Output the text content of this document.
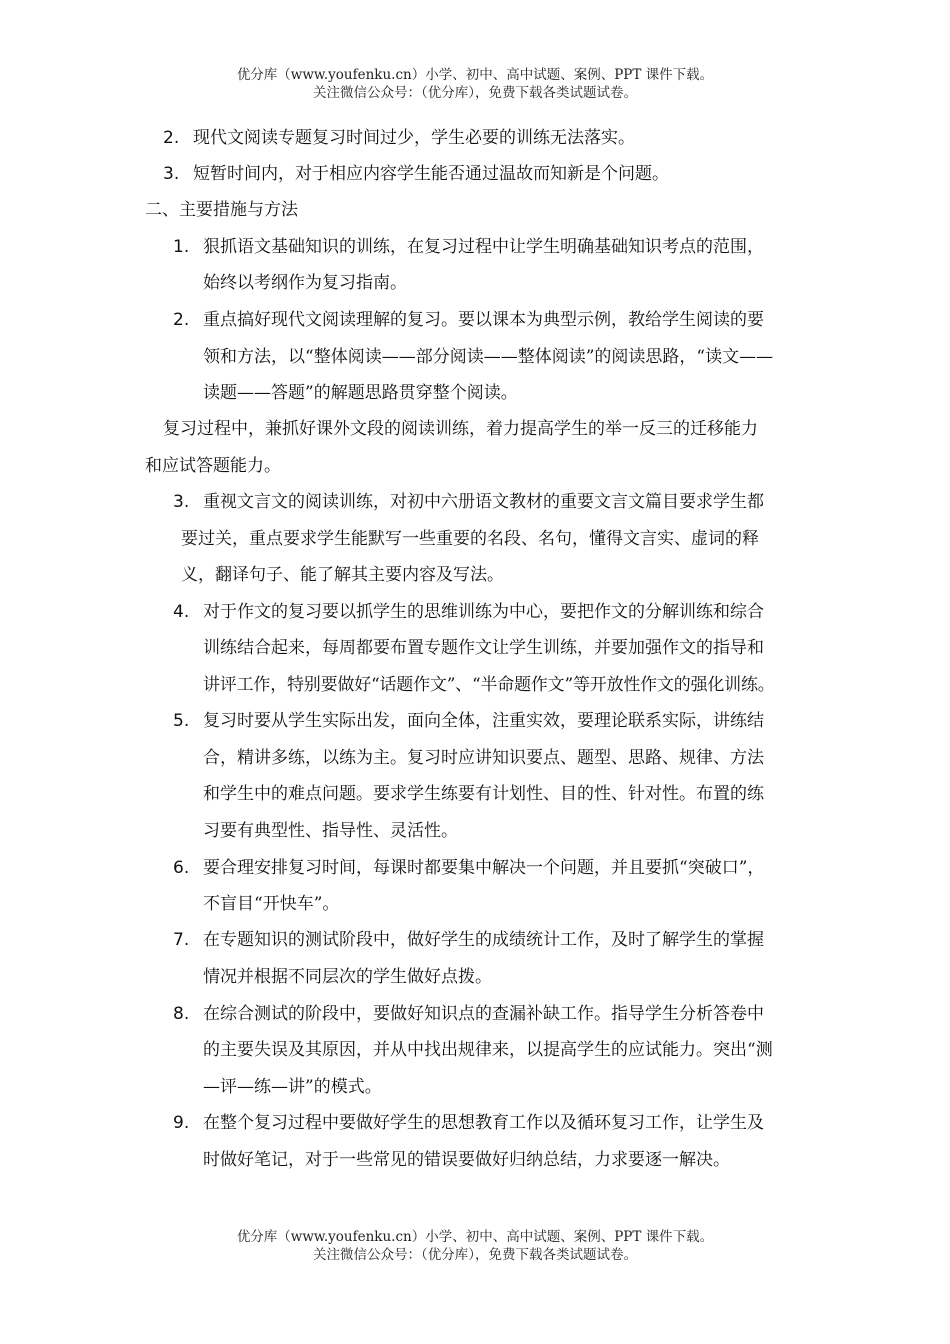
优分库（www.youfenku.cn）小学、初中、高中试题、案例、PPT 课件下载。
关注微信公众号：（优分库），免费下载各类试题试卷。
2. 现代文阅读专题复习时间过少，学生必要的训练无法落实。
3. 短暂时间内，对于相应内容学生能否通过温故而知新是个问题。
二、主要措施与方法
1. 狠抓语文基础知识的训练，在复习过程中让学生明确基础知识考点的范围，
始终以考纲作为复习指南。
2. 重点搞好现代文阅读理解的复习。要以课本为典型示例，教给学生阅读的要
领和方法，以“整体阅读——部分阅读——整体阅读”的阅读思路，“读文——
读题——答题”的解题思路贯穿整个阅读。
复习过程中，兼抓好课外文段的阅读训练，着力提高学生的举一反三的迁移能力
和应试答题能力。
3. 重视文言文的阅读训练，对初中六册语文教材的重要文言文篇目要求学生都
要过关，重点要求学生能默写一些重要的名段、名句，懂得文言实、虚词的释
义，翻译句子、能了解其主要内容及写法。
4. 对于作文的复习要以抓学生的思维训练为中心，要把作文的分解训练和综合
训练结合起来，每周都要布置专题作文让学生训练，并要加强作文的指导和
讲评工作，特别要做好“话题作文”、“半命题作文”等开放性作文的强化训练。
5. 复习时要从学生实际出发，面向全体，注重实效，要理论联系实际，讲练结
合，精讲多练，以练为主。复习时应讲知识要点、题型、思路、规律、方法
和学生中的难点问题。要求学生练要有计划性、目的性、针对性。布置的练
习要有典型性、指导性、灵活性。
6. 要合理安排复习时间，每课时都要集中解决一个问题，并且要抓“突破口”，
不盲目“开快车”。
7. 在专题知识的测试阶段中，做好学生的成绩统计工作，及时了解学生的掌握
情况并根据不同层次的学生做好点拨。
8. 在综合测试的阶段中，要做好知识点的查漏补缺工作。指导学生分析答卷中
的主要失误及其原因，并从中找出规律来，以提高学生的应试能力。突出“测
—评—练—讲”的模式。
9. 在整个复习过程中要做好学生的思想教育工作以及循环复习工作，让学生及
时做好笔记，对于一些常见的错误要做好归纳总结，力求要逐一解决。
优分库（www.youfenku.cn）小学、初中、高中试题、案例、PPT 课件下载。
关注微信公众号：（优分库），免费下载各类试题试卷。
